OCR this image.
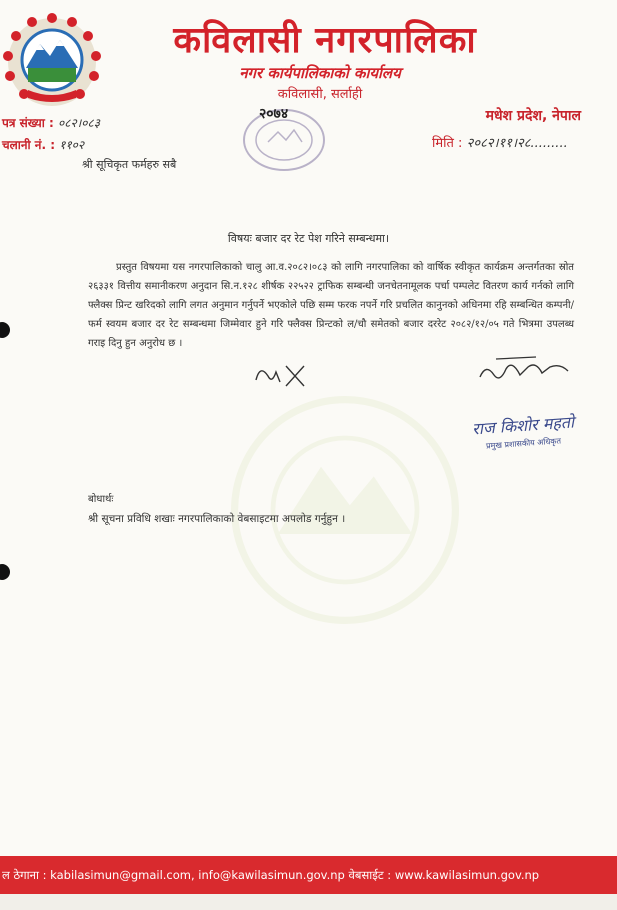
कविलासी नगरपालिका
नगर कार्यपालिकाको कार्यालय
कविलासी, सर्लाही
२०७४
पत्र संख्या : ०८२।०८३
चलानी नं. : ११०२
मधेश प्रदेश, नेपाल
मिति : २०८२।११।२८.........
श्री सूचिकृत फर्महरु सबै
विषयः बजार दर रेट पेश गरिने सम्बन्धमा।
प्रस्तुत विषयमा यस नगरपालिकाको चालु आ.व.२०८२।०८३ को लागि नगरपालिका को वार्षिक स्वीकृत कार्यक्रम अन्तर्गतका स्रोत २६३३१ वित्तीय समानीकरण अनुदान सि.न.१२८ शीर्षक २२५२२ ट्राफिक सम्बन्धी जनचेतनामूलक पर्चा पम्पलेट वितरण कार्य गर्नको लागि फ्लैक्स प्रिन्ट खरिदको लागि लगत अनुमान गर्नुपर्ने भएकोले पछि सम्म फरक नपर्ने गरि प्रचलित कानुनको अधिनमा रहि सम्बन्धित कम्पनी/फर्म स्वयम बजार दर रेट सम्बन्धमा जिम्मेवार हुने गरि फ्लैक्स प्रिन्टको ल/चौ समेतको बजार दररेट २०८२/१२/०५ गते भित्रमा उपलब्ध गराइ दिनु हुन अनुरोध छ ।
राज किशोर महतो
प्रमुख प्रशासकीय अधिकृत
बोधार्थः
श्री सूचना प्रविधि शखाः नगरपालिकाको वेबसाइटमा अपलोड गर्नुहुन ।
ल ठेगाना : kabilasimun@gmail.com, info@kawilasimun.gov.np वेबसाईट : www.kawilasimun.gov.np
